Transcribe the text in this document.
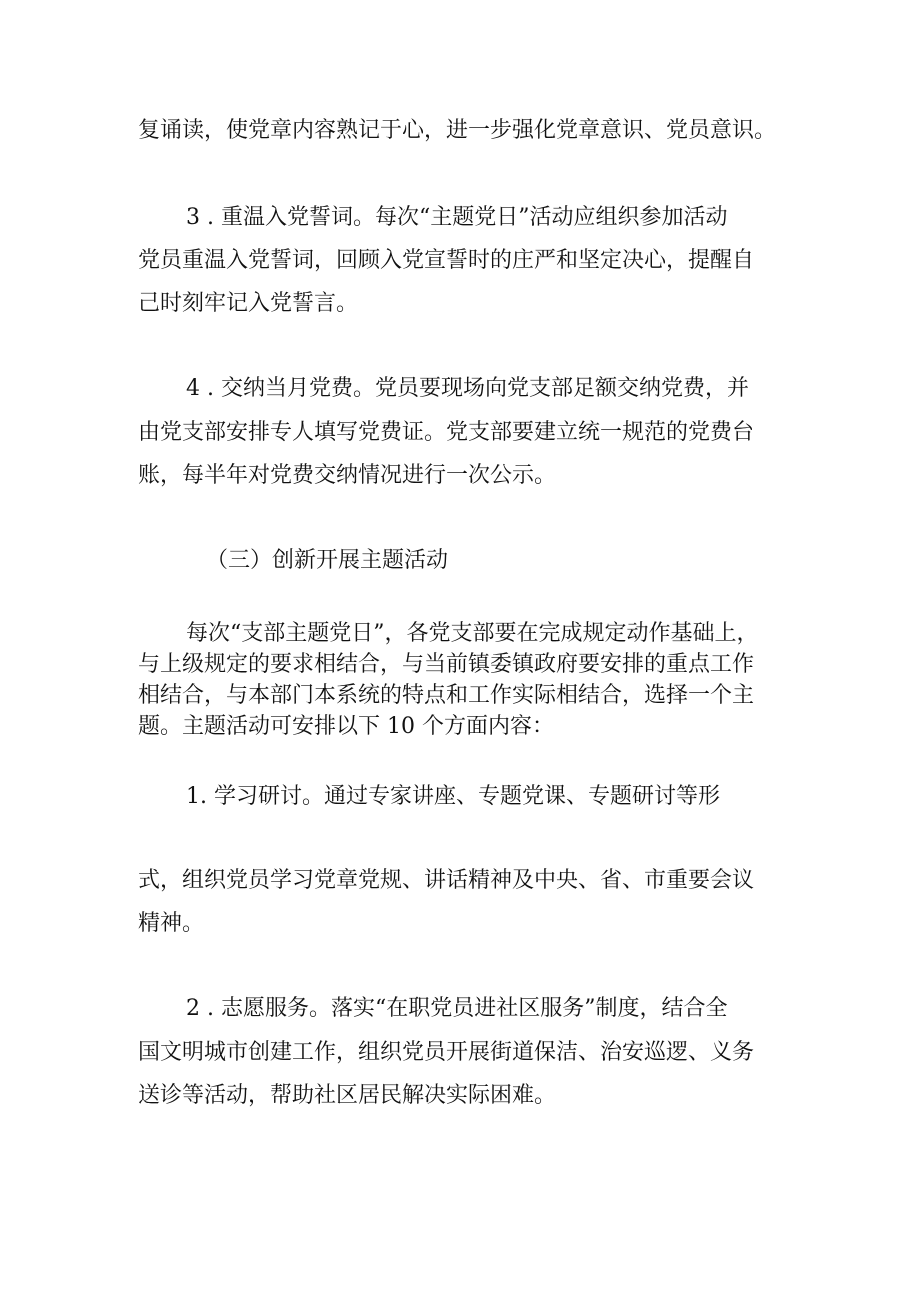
复诵读，使党章内容熟记于心，进一步强化党章意识、党员意识。
3 . 重温入党誓词。每次“主题党日”活动应组织参加活动
党员重温入党誓词，回顾入党宣誓时的庄严和坚定决心，提醒自
己时刻牢记入党誓言。
4 . 交纳当月党费。党员要现场向党支部足额交纳党费，并
由党支部安排专人填写党费证。党支部要建立统一规范的党费台
账，每半年对党费交纳情况进行一次公示。
（三）创新开展主题活动
每次“支部主题党日”，各党支部要在完成规定动作基础上，
与上级规定的要求相结合，与当前镇委镇政府要安排的重点工作
相结合，与本部门本系统的特点和工作实际相结合，选择一个主
题。主题活动可安排以下 10 个方面内容：
1. 学习研讨。通过专家讲座、专题党课、专题研讨等形
式，组织党员学习党章党规、讲话精神及中央、省、市重要会议
精神。
2 . 志愿服务。落实“在职党员进社区服务”制度，结合全
国文明城市创建工作，组织党员开展街道保洁、治安巡逻、义务
送诊等活动，帮助社区居民解决实际困难。
